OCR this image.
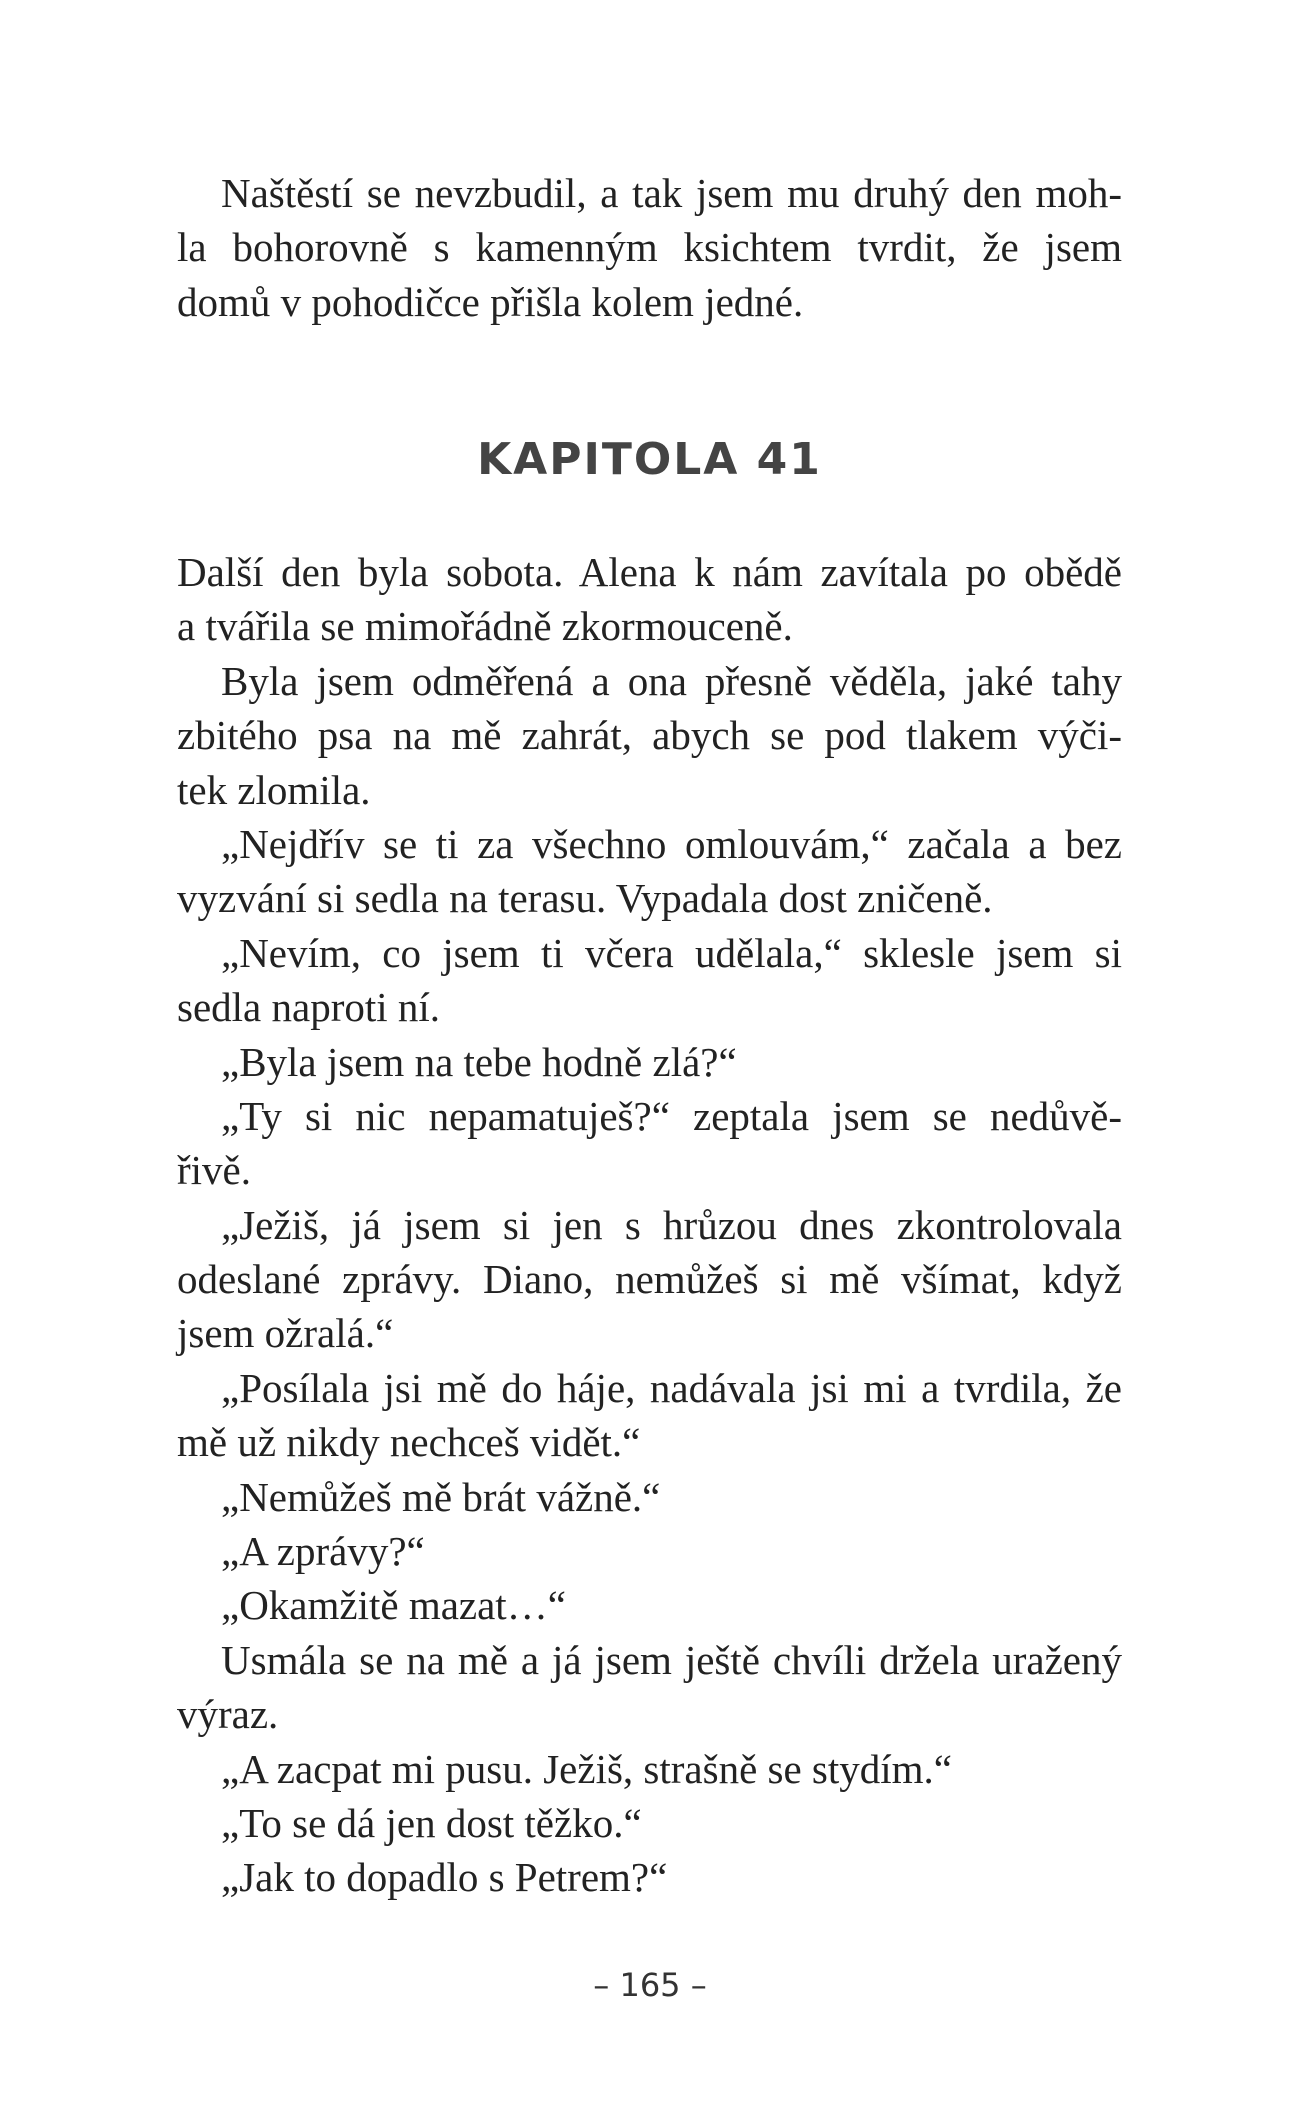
Naštěstí se nevzbudil, a tak jsem mu druhý den moh-
la bohorovně s kamenným ksichtem tvrdit, že jsem
domů v pohodičce přišla kolem jedné.
KAPITOLA 41
Další den byla sobota. Alena k nám zavítala po obědě
a tvářila se mimořádně zkormouceně.
Byla jsem odměřená a ona přesně věděla, jaké tahy
zbitého psa na mě zahrát, abych se pod tlakem výči-
tek zlomila.
„Nejdřív se ti za všechno omlouvám,“ začala a bez
vyzvání si sedla na terasu. Vypadala dost zničeně.
„Nevím, co jsem ti včera udělala,“ sklesle jsem si
sedla naproti ní.
„Byla jsem na tebe hodně zlá?“
„Ty si nic nepamatuješ?“ zeptala jsem se nedůvě-
řivě.
„Ježiš, já jsem si jen s hrůzou dnes zkontrolovala
odeslané zprávy. Diano, nemůžeš si mě všímat, když
jsem ožralá.“
„Posílala jsi mě do háje, nadávala jsi mi a tvrdila, že
mě už nikdy nechceš vidět.“
„Nemůžeš mě brát vážně.“
„A zprávy?“
„Okamžitě mazat…“
Usmála se na mě a já jsem ještě chvíli držela uražený
výraz.
„A zacpat mi pusu. Ježiš, strašně se stydím.“
„To se dá jen dost těžko.“
„Jak to dopadlo s Petrem?“
– 165 –
